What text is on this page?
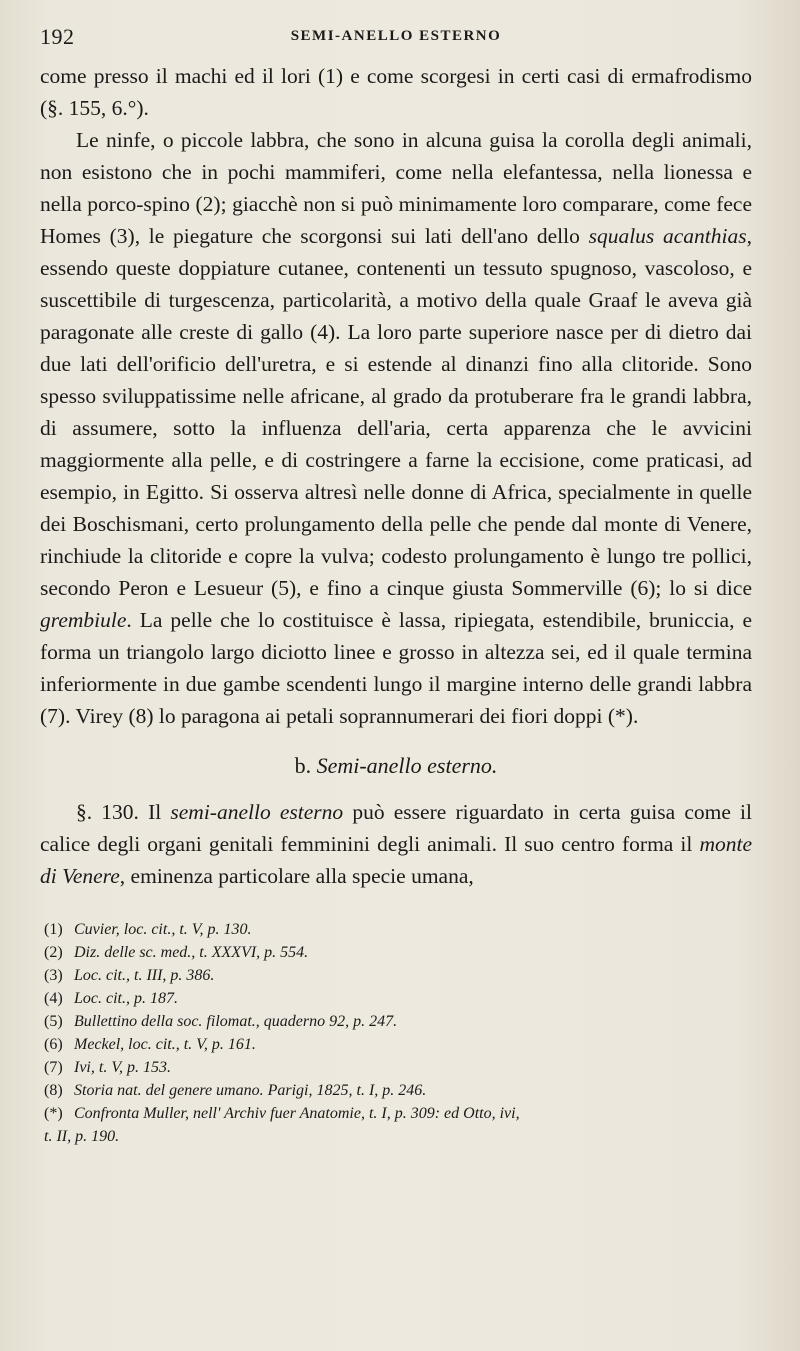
192	SEMI-ANELLO ESTERNO

come presso il machi ed il lori (1) e come scorgesi in certi casi di ermafrodismo (§. 155, 6.°).

Le ninfe, o piccole labbra, che sono in alcuna guisa la corolla degli animali, non esistono che in pochi mammiferi, come nella elefantessa, nella lionessa e nella porco-spino (2); giacchè non si può minimamente loro comparare, come fece Homes (3), le piegature che scorgonsi sui lati dell'ano dello squalus acanthias, essendo queste doppiature cutanee, contenenti un tessuto spugnoso, vascoloso, e suscettibile di turgescenza, particolarità, a motivo della quale Graaf le aveva già paragonate alle creste di gallo (4). La loro parte superiore nasce per di dietro dai due lati dell'orificio dell'uretra, e si estende al dinanzi fino alla clitoride. Sono spesso sviluppatissime nelle africane, al grado da protuberare fra le grandi labbra, di assumere, sotto la influenza dell'aria, certa apparenza che le avvicini maggiormente alla pelle, e di costringere a farne la eccisione, come praticasi, ad esempio, in Egitto. Si osserva altresì nelle donne di Africa, specialmente in quelle dei Boschismani, certo prolungamento della pelle che pende dal monte di Venere, rinchiude la clitoride e copre la vulva; codesto prolungamento è lungo tre pollici, secondo Peron e Lesueur (5), e fino a cinque giusta Sommerville (6); lo si dice grembiule. La pelle che lo costituisce è lassa, ripiegata, estendibile, bruniccia, e forma un triangolo largo diciotto linee e grosso in altezza sei, ed il quale termina inferiormente in due gambe scendenti lungo il margine interno delle grandi labbra (7). Virey (8) lo paragona ai petali soprannumerari dei fiori doppi (*).

b. Semi-anello esterno.

§. 130. Il semi-anello esterno può essere riguardato in certa guisa come il calice degli organi genitali femminini degli animali. Il suo centro forma il monte di Venere, eminenza particolare alla specie umana,

(1) Cuvier, loc. cit., t. V, p. 130.

(2) Diz. delle sc. med., t. XXXVI, p. 554.

(3) Loc. cit., t. III, p. 386.

(4) Loc. cit., p. 187.

(5) Bullettino della soc. filomat., quaderno 92, p. 247.

(6) Meckel, loc. cit., t. V, p. 161.

(7) Ivi, t. V, p. 153.

(8) Storia nat. del genere umano. Parigi, 1825, t. I, p. 246.

(*) Confronta Muller, nell' Archiv fuer Anatomie, t. I, p. 309: ed Otto, ivi,

t. II, p. 190.
